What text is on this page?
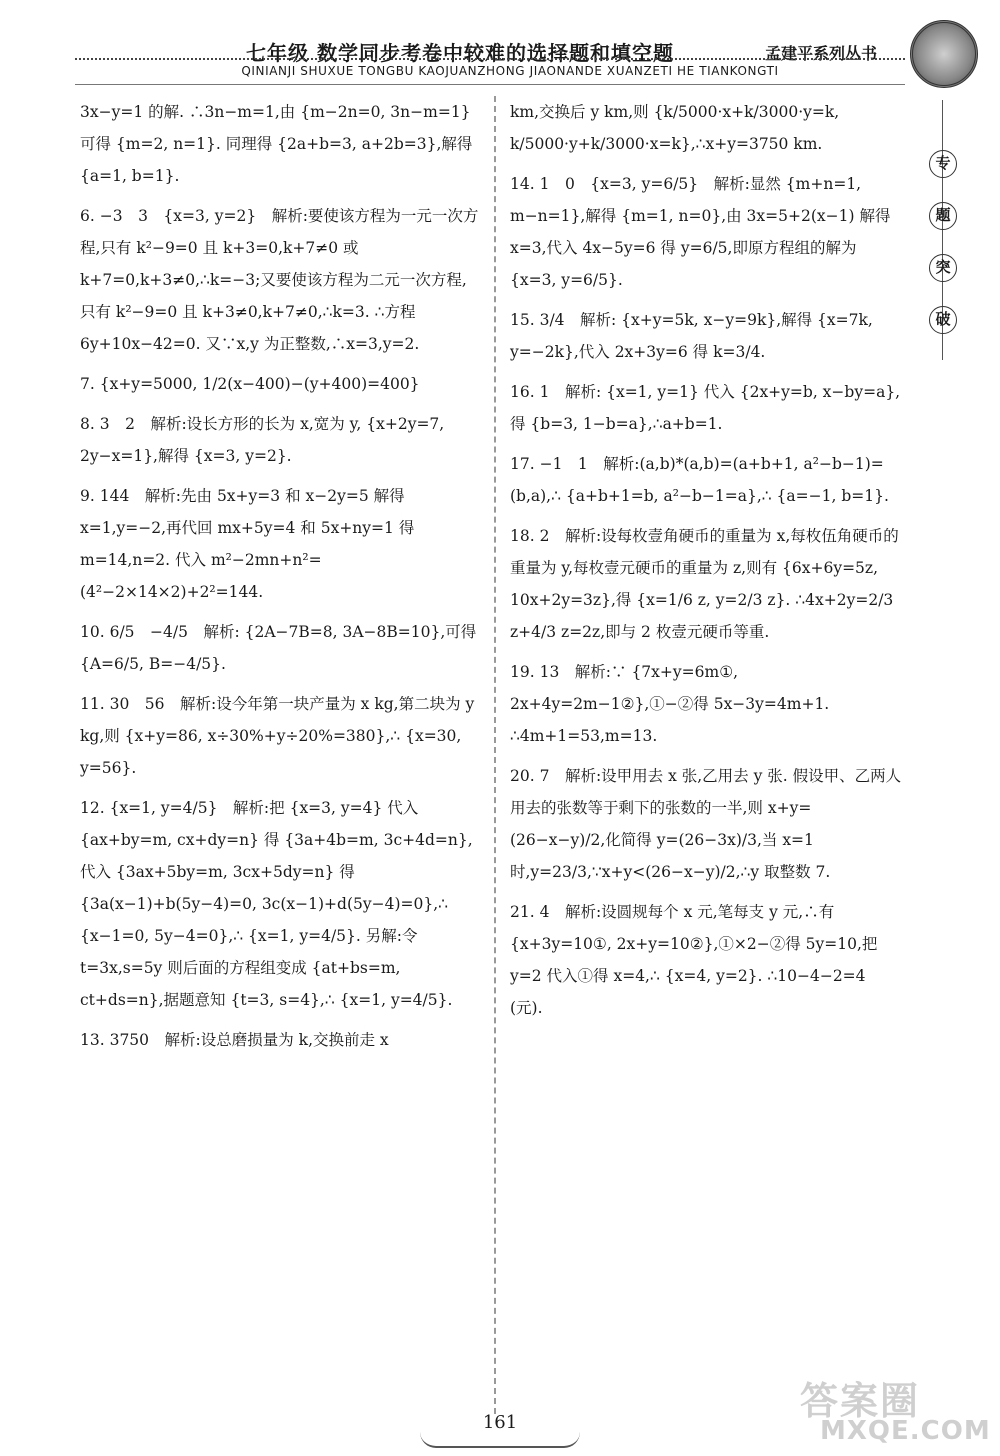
七年级 数学同步考卷中较难的选择题和填空题	孟建平系列丛书
QINIANJI SHUXUE TONGBU KAOJUANZHONG JIAONANDE XUANZETI HE TIANKONGTI
专
题
突
破

3x−y=1 的解. ∴3n−m=1,由 {m−2n=0, 3n−m=1} 可得 {m=2, n=1}. 同理得 {2a+b=3, a+2b=3},解得 {a=1, b=1}.

6. −3　3　{x=3, y=2}　解析:要使该方程为一元一次方程,只有 k²−9=0 且 k+3=0,k+7≠0 或 k+7=0,k+3≠0,∴k=−3;又要使该方程为二元一次方程,只有 k²−9=0 且 k+3≠0,k+7≠0,∴k=3. ∴方程 6y+10x−42=0. 又∵x,y 为正整数,∴x=3,y=2.

7. {x+y=5000, 1/2(x−400)−(y+400)=400}

8. 3　2　解析:设长方形的长为 x,宽为 y, {x+2y=7, 2y−x=1},解得 {x=3, y=2}.

9. 144　解析:先由 5x+y=3 和 x−2y=5 解得 x=1,y=−2,再代回 mx+5y=4 和 5x+ny=1 得 m=14,n=2. 代入 m²−2mn+n²=(4²−2×14×2)+2²=144.

10. 6/5　−4/5　解析: {2A−7B=8, 3A−8B=10},可得 {A=6/5, B=−4/5}.

11. 30　56　解析:设今年第一块产量为 x kg,第二块为 y kg,则 {x+y=86, x÷30%+y÷20%=380},∴ {x=30, y=56}.

12. {x=1, y=4/5}　解析:把 {x=3, y=4} 代入 {ax+by=m, cx+dy=n} 得 {3a+4b=m, 3c+4d=n},代入 {3ax+5by=m, 3cx+5dy=n} 得 {3a(x−1)+b(5y−4)=0, 3c(x−1)+d(5y−4)=0},∴ {x−1=0, 5y−4=0},∴ {x=1, y=4/5}. 另解:令 t=3x,s=5y 则后面的方程组变成 {at+bs=m, ct+ds=n},据题意知 {t=3, s=4},∴ {x=1, y=4/5}.

13. 3750　解析:设总磨损量为 k,交换前走 x

km,交换后 y km,则 {k/5000·x+k/3000·y=k, k/5000·y+k/3000·x=k},∴x+y=3750 km.

14. 1　0　{x=3, y=6/5}　解析:显然 {m+n=1, m−n=1},解得 {m=1, n=0},由 3x=5+2(x−1) 解得 x=3,代入 4x−5y=6 得 y=6/5,即原方程组的解为 {x=3, y=6/5}.

15. 3/4　解析: {x+y=5k, x−y=9k},解得 {x=7k, y=−2k},代入 2x+3y=6 得 k=3/4.

16. 1　解析: {x=1, y=1} 代入 {2x+y=b, x−by=a},得 {b=3, 1−b=a},∴a+b=1.

17. −1　1　解析:(a,b)*(a,b)=(a+b+1, a²−b−1)=(b,a),∴ {a+b+1=b, a²−b−1=a},∴ {a=−1, b=1}.

18. 2　解析:设每枚壹角硬币的重量为 x,每枚伍角硬币的重量为 y,每枚壹元硬币的重量为 z,则有 {6x+6y=5z, 10x+2y=3z},得 {x=1/6 z, y=2/3 z}. ∴4x+2y=2/3 z+4/3 z=2z,即与 2 枚壹元硬币等重.

19. 13　解析:∵ {7x+y=6m①, 2x+4y=2m−1②},①−②得 5x−3y=4m+1. ∴4m+1=53,m=13.

20. 7　解析:设甲用去 x 张,乙用去 y 张. 假设甲、乙两人用去的张数等于剩下的张数的一半,则 x+y=(26−x−y)/2,化简得 y=(26−3x)/3,当 x=1 时,y=23/3,∵x+y<(26−x−y)/2,∴y 取整数 7.

21. 4　解析:设圆规每个 x 元,笔每支 y 元,∴有 {x+3y=10①, 2x+y=10②},①×2−②得 5y=10,把 y=2 代入①得 x=4,∴ {x=4, y=2}. ∴10−4−2=4 (元).

答案圈
MXQE.COM
161
